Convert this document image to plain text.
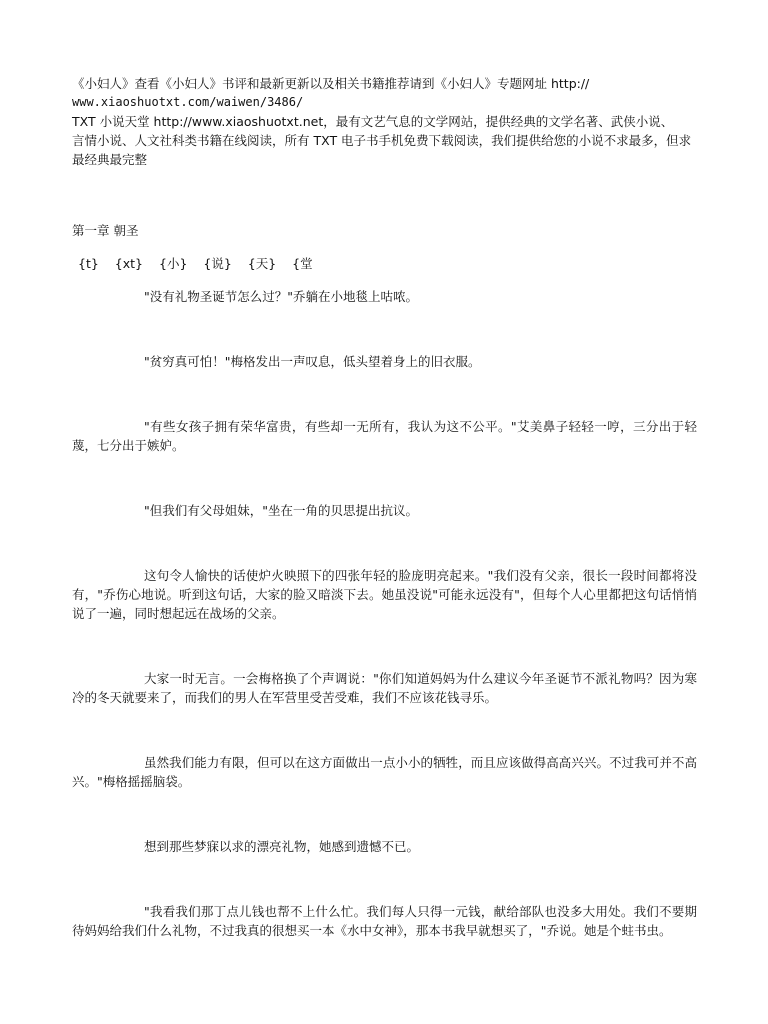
《小妇人》查看《小妇人》书评和最新更新以及相关书籍推荐请到《小妇人》专题网址 http://
www.xiaoshuotxt.com/waiwen/3486/
TXT 小说天堂 http://www.xiaoshuotxt.net，最有文艺气息的文学网站，提供经典的文学名著、武侠小说、
言情小说、人文社科类书籍在线阅读，所有 TXT 电子书手机免费下载阅读，我们提供给您的小说不求最多，但求
最经典最完整
第一章 朝圣
{t} {xt} {小} {说} {天} {堂
"没有礼物圣诞节怎么过？"乔躺在小地毯上咕哝。
"贫穷真可怕！"梅格发出一声叹息，低头望着身上的旧衣服。
"有些女孩子拥有荣华富贵，有些却一无所有，我认为这不公平。"艾美鼻子轻轻一哼，三分出于轻蔑，七分出于嫉妒。
"但我们有父母姐妹，"坐在一角的贝思提出抗议。
这句令人愉快的话使炉火映照下的四张年轻的脸庞明亮起来。"我们没有父亲，很长一段时间都将没有，"乔伤心地说。听到这句话，大家的脸又暗淡下去。她虽没说"可能永远没有"，但每个人心里都把这句话悄悄说了一遍，同时想起远在战场的父亲。
大家一时无言。一会梅格换了个声调说："你们知道妈妈为什么建议今年圣诞节不派礼物吗？因为寒冷的冬天就要来了，而我们的男人在军营里受苦受难，我们不应该花钱寻乐。
虽然我们能力有限，但可以在这方面做出一点小小的牺牲，而且应该做得高高兴兴。不过我可并不高兴。"梅格摇摇脑袋。
想到那些梦寐以求的漂亮礼物，她感到遗憾不已。
"我看我们那丁点儿钱也帮不上什么忙。我们每人只得一元钱，献给部队也没多大用处。我们不要期待妈妈给我们什么礼物，不过我真的很想买一本《水中女神》，那本书我早就想买了，"乔说。她是个蛀书虫。
